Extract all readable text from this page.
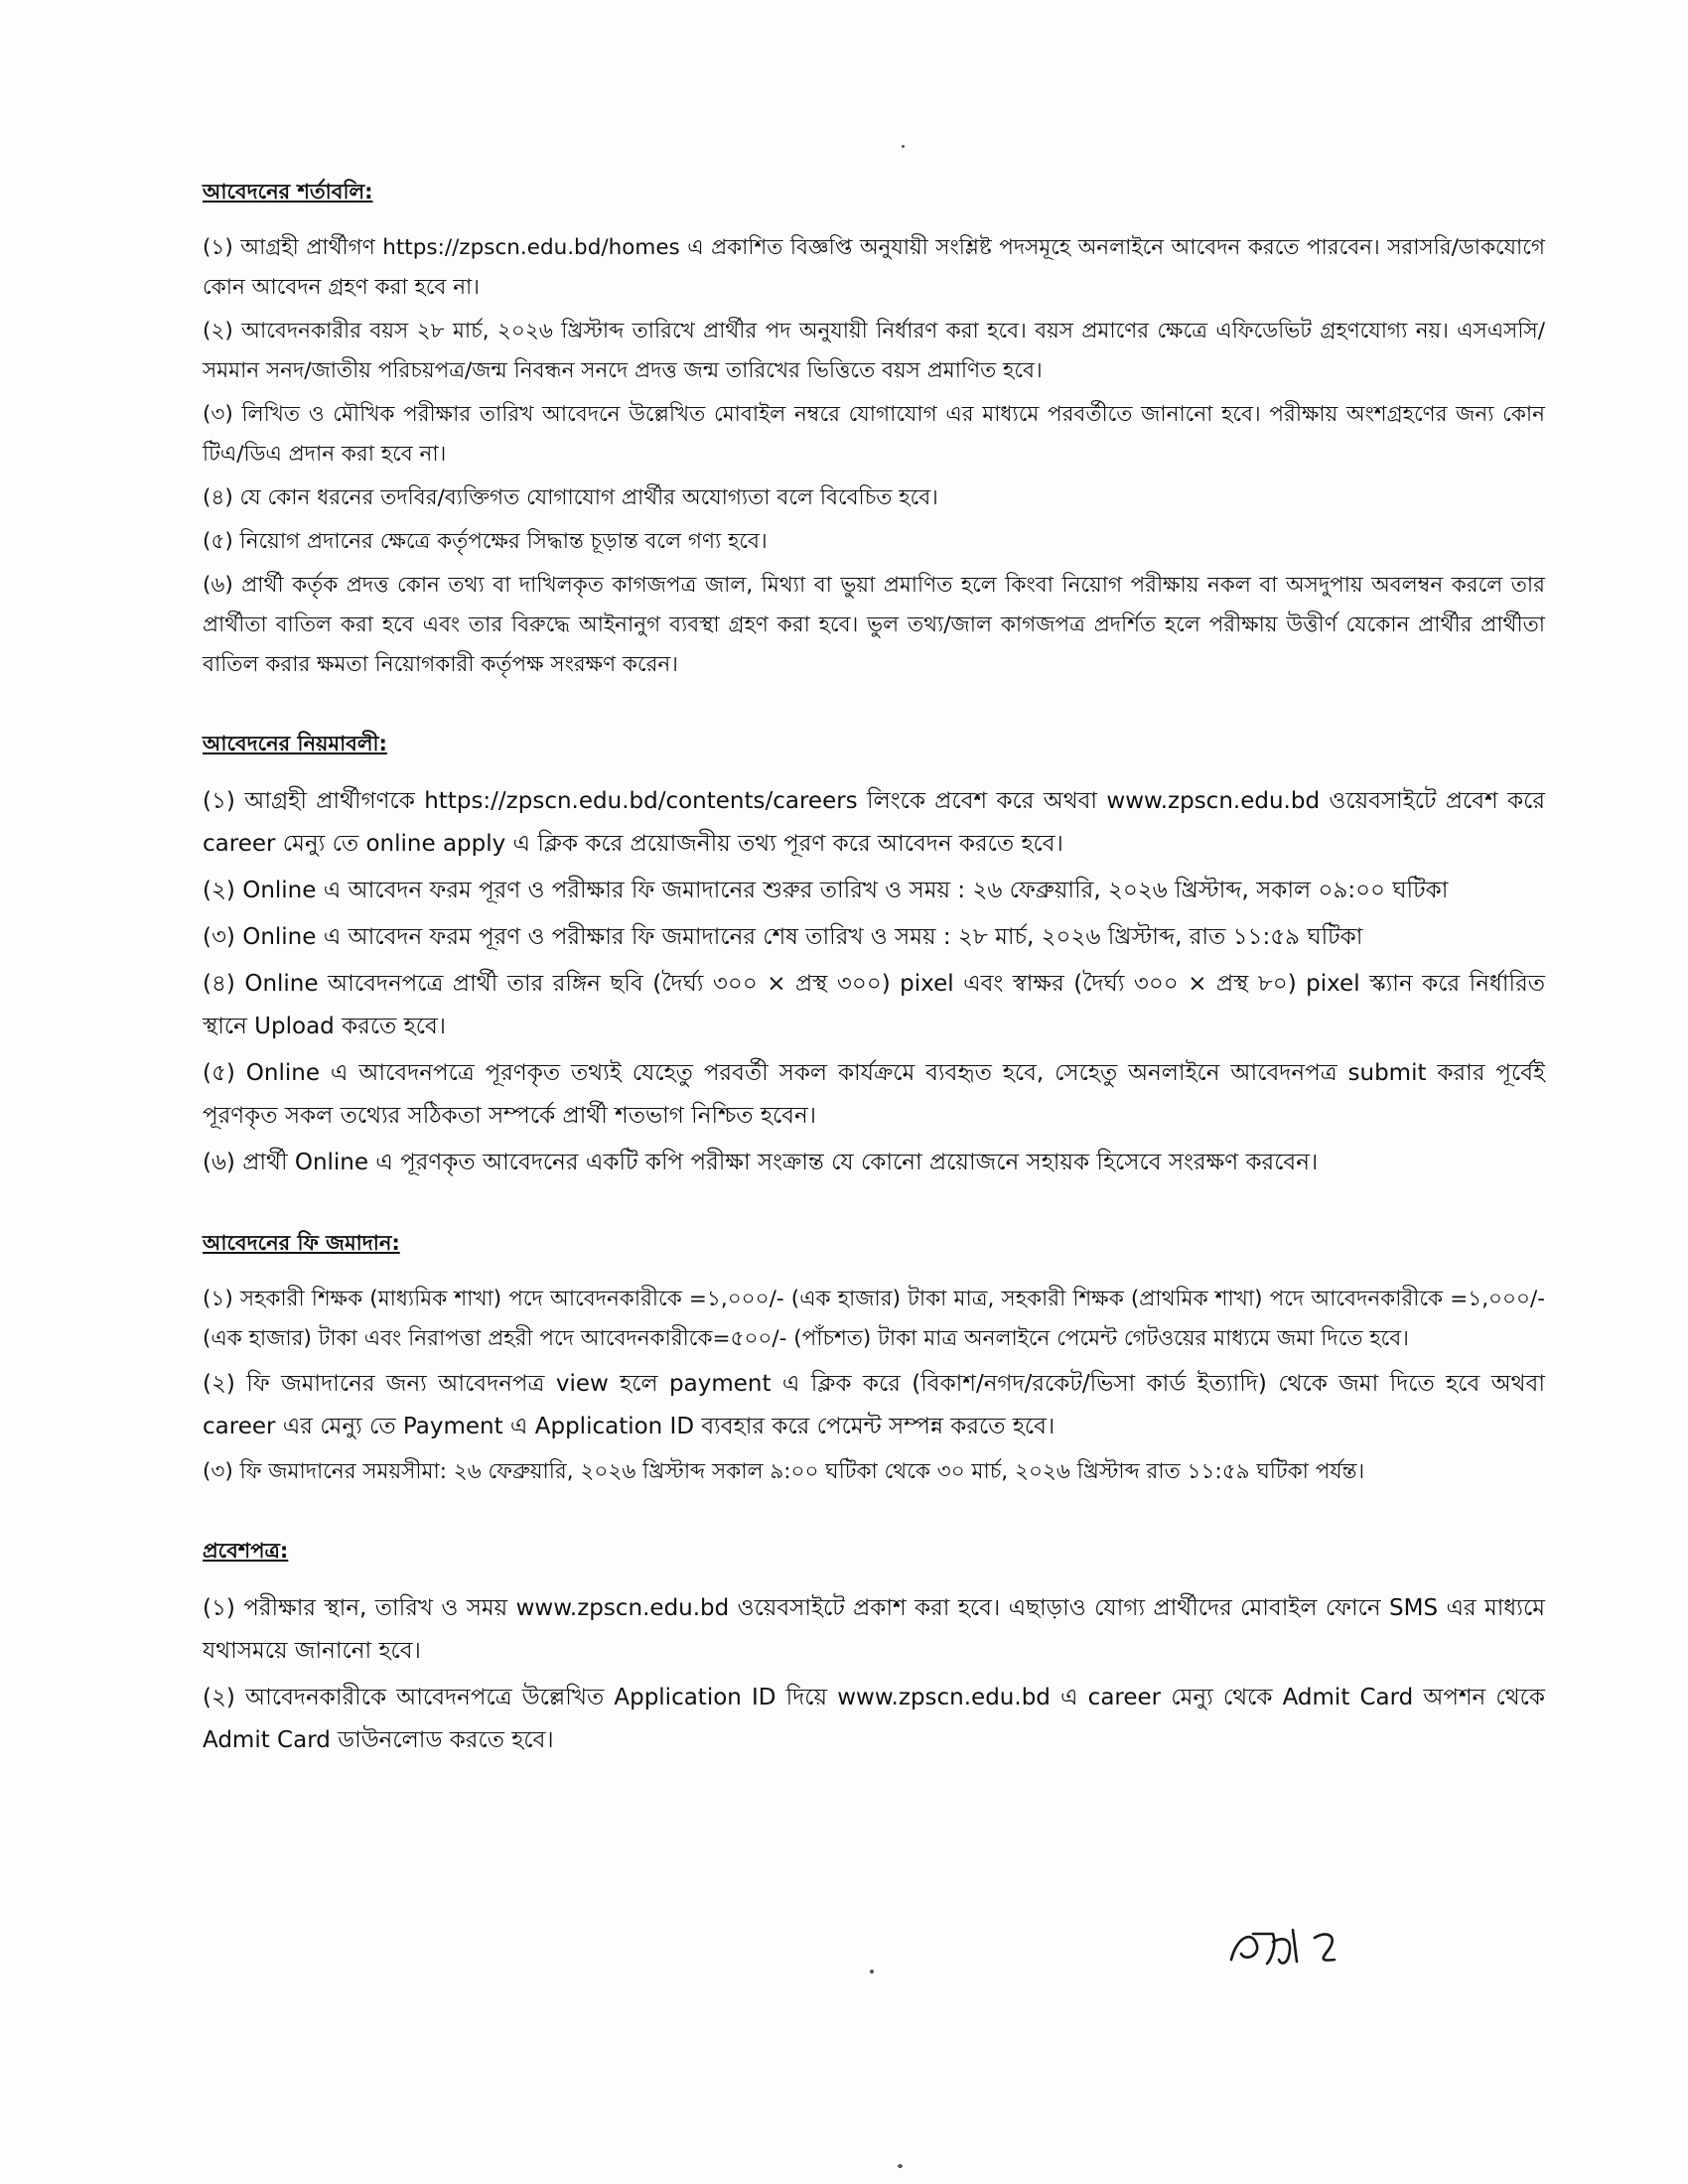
আবেদনের শর্তাবলি:
(১) আগ্রহী প্রার্থীগণ https://zpscn.edu.bd/homes এ প্রকাশিত বিজ্ঞপ্তি অনুযায়ী সংশ্লিষ্ট পদসমূহে অনলাইনে আবেদন করতে পারবেন। সরাসরি/ডাকযোগে কোন আবেদন গ্রহণ করা হবে না।
(২) আবেদনকারীর বয়স ২৮ মার্চ, ২০২৬ খ্রিস্টাব্দ তারিখে প্রার্থীর পদ অনুযায়ী নির্ধারণ করা হবে। বয়স প্রমাণের ক্ষেত্রে এফিডেভিট গ্রহণযোগ্য নয়। এসএসসি/সমমান সনদ/জাতীয় পরিচয়পত্র/জন্ম নিবন্ধন সনদে প্রদত্ত জন্ম তারিখের ভিত্তিতে বয়স প্রমাণিত হবে।
(৩) লিখিত ও মৌখিক পরীক্ষার তারিখ আবেদনে উল্লেখিত মোবাইল নম্বরে যোগাযোগ এর মাধ্যমে পরবর্তীতে জানানো হবে। পরীক্ষায় অংশগ্রহণের জন্য কোন টিএ/ডিএ প্রদান করা হবে না।
(৪) যে কোন ধরনের তদবির/ব্যক্তিগত যোগাযোগ প্রার্থীর অযোগ্যতা বলে বিবেচিত হবে।
(৫) নিয়োগ প্রদানের ক্ষেত্রে কর্তৃপক্ষের সিদ্ধান্ত চূড়ান্ত বলে গণ্য হবে।
(৬) প্রার্থী কর্তৃক প্রদত্ত কোন তথ্য বা দাখিলকৃত কাগজপত্র জাল, মিথ্যা বা ভুয়া প্রমাণিত হলে কিংবা নিয়োগ পরীক্ষায় নকল বা অসদুপায় অবলম্বন করলে তার প্রার্থীতা বাতিল করা হবে এবং তার বিরুদ্ধে আইনানুগ ব্যবস্থা গ্রহণ করা হবে। ভুল তথ্য/জাল কাগজপত্র প্রদর্শিত হলে পরীক্ষায় উত্তীর্ণ যেকোন প্রার্থীর প্রার্থীতা বাতিল করার ক্ষমতা নিয়োগকারী কর্তৃপক্ষ সংরক্ষণ করেন।
আবেদনের নিয়মাবলী:
(১) আগ্রহী প্রার্থীগণকে https://zpscn.edu.bd/contents/careers লিংকে প্রবেশ করে অথবা www.zpscn.edu.bd ওয়েবসাইটে প্রবেশ করে career মেন্যু তে online apply এ ক্লিক করে প্রয়োজনীয় তথ্য পূরণ করে আবেদন করতে হবে।
(২) Online এ আবেদন ফরম পূরণ ও পরীক্ষার ফি জমাদানের শুরুর তারিখ ও সময় : ২৬ ফেব্রুয়ারি, ২০২৬ খ্রিস্টাব্দ, সকাল ০৯:০০ ঘটিকা
(৩) Online এ আবেদন ফরম পূরণ ও পরীক্ষার ফি জমাদানের শেষ তারিখ ও সময় : ২৮ মার্চ, ২০২৬ খ্রিস্টাব্দ, রাত ১১:৫৯ ঘটিকা
(৪) Online আবেদনপত্রে প্রার্থী তার রঙ্গিন ছবি (দৈর্ঘ্য ৩০০ × প্রস্থ ৩০০) pixel এবং স্বাক্ষর (দৈর্ঘ্য ৩০০ × প্রস্থ ৮০) pixel স্ক্যান করে নির্ধারিত স্থানে Upload করতে হবে।
(৫) Online এ আবেদনপত্রে পূরণকৃত তথ্যই যেহেতু পরবর্তী সকল কার্যক্রমে ব্যবহৃত হবে, সেহেতু অনলাইনে আবেদনপত্র submit করার পূর্বেই পূরণকৃত সকল তথ্যের সঠিকতা সম্পর্কে প্রার্থী শতভাগ নিশ্চিত হবেন।
(৬) প্রার্থী Online এ পূরণকৃত আবেদনের একটি কপি পরীক্ষা সংক্রান্ত যে কোনো প্রয়োজনে সহায়ক হিসেবে সংরক্ষণ করবেন।
আবেদনের ফি জমাদান:
(১) সহকারী শিক্ষক (মাধ্যমিক শাখা) পদে আবেদনকারীকে =১,০০০/- (এক হাজার) টাকা মাত্র, সহকারী শিক্ষক (প্রাথমিক শাখা) পদে আবেদনকারীকে =১,০০০/- (এক হাজার) টাকা এবং নিরাপত্তা প্রহরী পদে আবেদনকারীকে=৫০০/- (পাঁচশত) টাকা মাত্র অনলাইনে পেমেন্ট গেটওয়ের মাধ্যমে জমা দিতে হবে।
(২) ফি জমাদানের জন্য আবেদনপত্র view হলে payment এ ক্লিক করে (বিকাশ/নগদ/রকেট/ভিসা কার্ড ইত্যাদি) থেকে জমা দিতে হবে অথবা career এর মেন্যু তে Payment এ Application ID ব্যবহার করে পেমেন্ট সম্পন্ন করতে হবে।
(৩) ফি জমাদানের সময়সীমা: ২৬ ফেব্রুয়ারি, ২০২৬ খ্রিস্টাব্দ সকাল ৯:০০ ঘটিকা থেকে ৩০ মার্চ, ২০২৬ খ্রিস্টাব্দ রাত ১১:৫৯ ঘটিকা পর্যন্ত।
প্রবেশপত্র:
(১) পরীক্ষার স্থান, তারিখ ও সময় www.zpscn.edu.bd ওয়েবসাইটে প্রকাশ করা হবে। এছাড়াও যোগ্য প্রার্থীদের মোবাইল ফোনে SMS এর মাধ্যমে যথাসময়ে জানানো হবে।
(২) আবেদনকারীকে আবেদনপত্রে উল্লেখিত Application ID দিয়ে www.zpscn.edu.bd এ career মেন্যু থেকে Admit Card অপশন থেকে Admit Card ডাউনলোড করতে হবে।
